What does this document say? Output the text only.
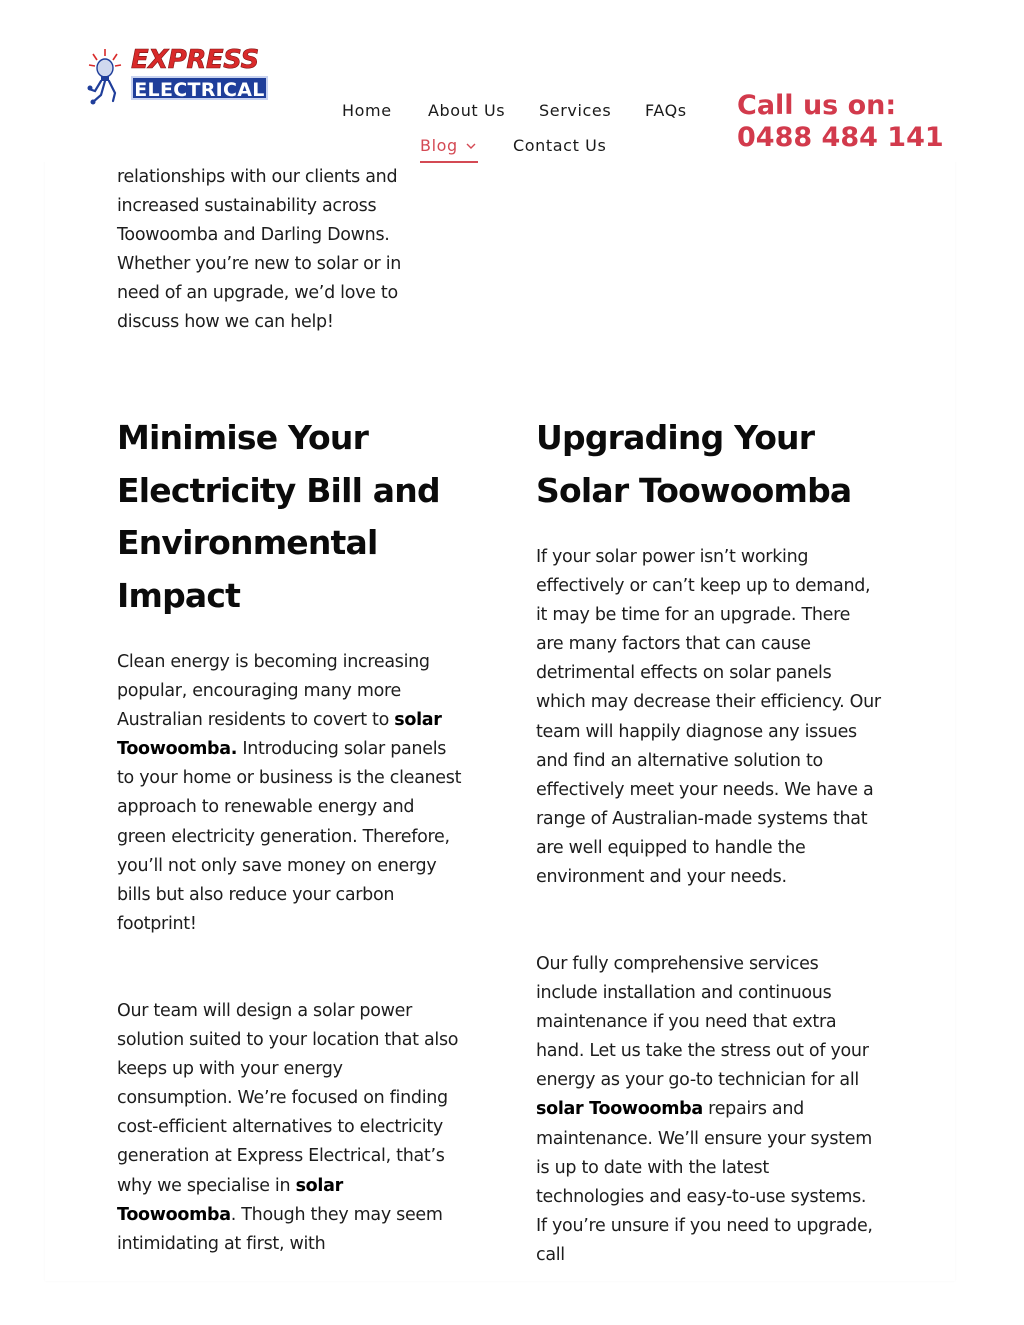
relationships with our clients and
increased sustainability across
Toowoomba and Darling Downs.
Whether you’re new to solar or in
need of an upgrade, we’d love to
discuss how we can help!
EXPRESS
ELECTRICAL
Home About Us Services FAQs
Blog	Contact Us
Call us on:
0488 484 141
Minimise Your
Electricity Bill and
Environmental
Impact

Clean energy is becoming increasing popular, encouraging many more Australian residents to covert to solar Toowoomba. Introducing solar panels to your home or business is the cleanest approach to renewable energy and green electricity generation. Therefore, you’ll not only save money on energy bills but also reduce your carbon footprint!

Our team will design a solar power solution suited to your location that also keeps up with your energy consumption. We’re focused on finding cost-efficient alternatives to electricity generation at Express Electrical, that’s why we specialise in solar Toowoomba. Though they may seem intimidating at first, with

Upgrading Your
Solar Toowoomba

If your solar power isn’t working effectively or can’t keep up to demand, it may be time for an upgrade. There are many factors that can cause detrimental effects on solar panels which may decrease their efficiency. Our team will happily diagnose any issues and find an alternative solution to effectively meet your needs. We have a range of Australian-made systems that are well equipped to handle the environment and your needs.

Our fully comprehensive services include installation and continuous maintenance if you need that extra hand. Let us take the stress out of your energy as your go-to technician for all solar Toowoomba repairs and maintenance. We’ll ensure your system is up to date with the latest technologies and easy-to-use systems. If you’re unsure if you need to upgrade, call
